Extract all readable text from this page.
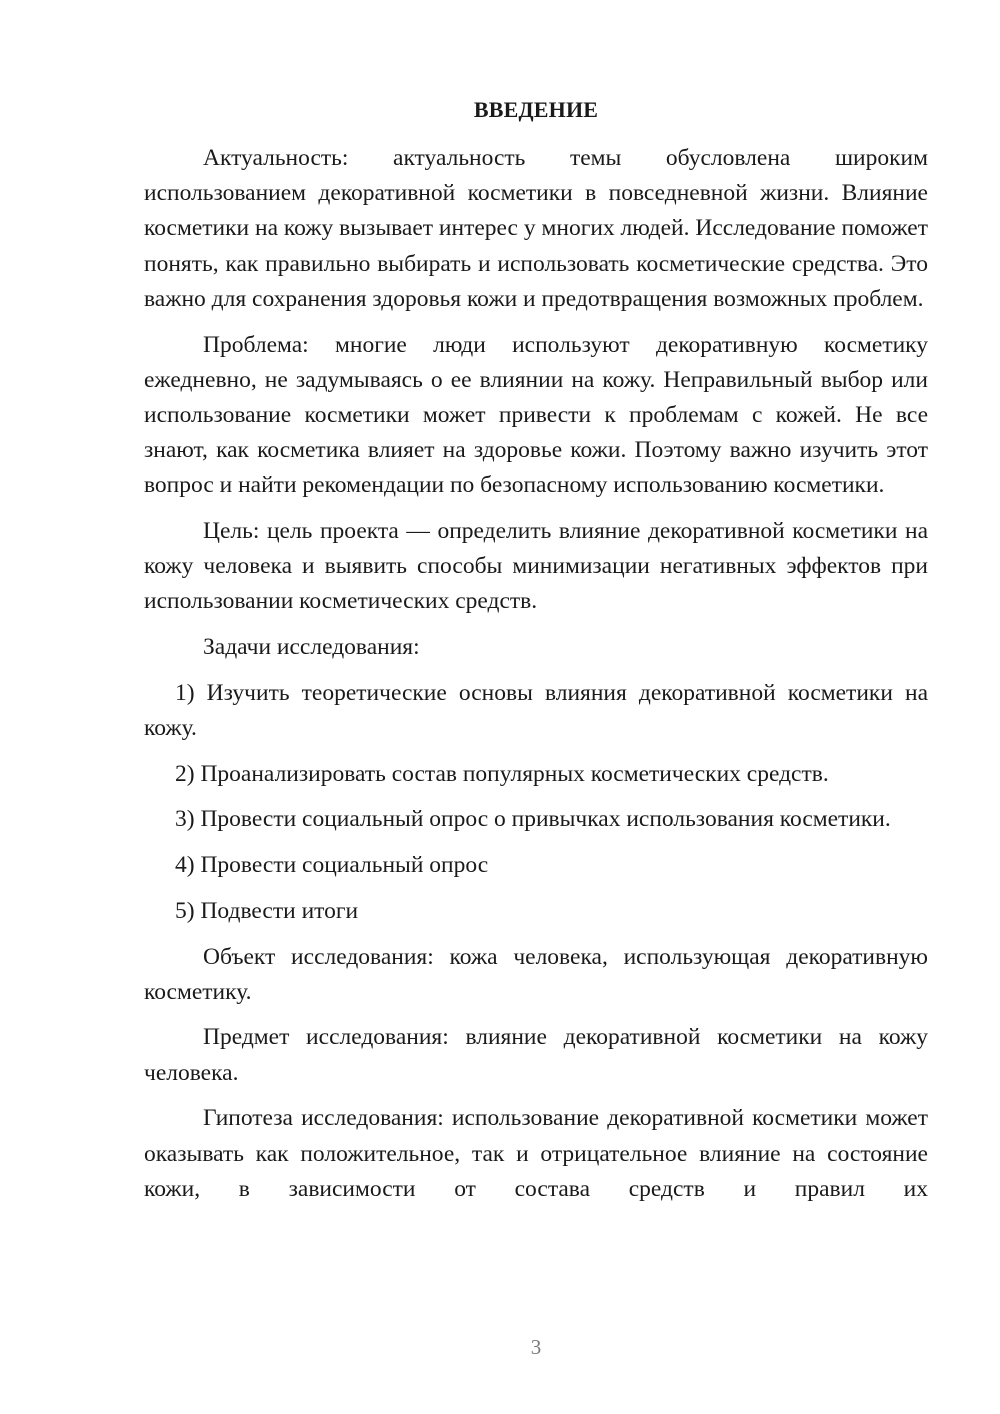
ВВЕДЕНИЕ

Актуальность: актуальность темы обусловлена широким использованием декоративной косметики в повседневной жизни. Влияние косметики на кожу вызывает интерес у многих людей. Исследование поможет понять, как правильно выбирать и использовать косметические средства. Это важно для сохранения здоровья кожи и предотвращения возможных проблем.

Проблема: многие люди используют декоративную косметику ежедневно, не задумываясь о ее влиянии на кожу. Неправильный выбор или использование косметики может привести к проблемам с кожей. Не все знают, как косметика влияет на здоровье кожи. Поэтому важно изучить этот вопрос и найти рекомендации по безопасному использованию косметики.

Цель: цель проекта — определить влияние декоративной косметики на кожу человека и выявить способы минимизации негативных эффектов при использовании косметических средств.

Задачи исследования:

1) Изучить теоретические основы влияния декоративной косметики на кожу.

2) Проанализировать состав популярных косметических средств.

3) Провести социальный опрос о привычках использования косметики.

4) Провести социальный опрос

5) Подвести итоги

Объект исследования: кожа человека, использующая декоративную косметику.

Предмет исследования: влияние декоративной косметики на кожу человека.

Гипотеза исследования: использование декоративной косметики может оказывать как положительное, так и отрицательное влияние на состояние кожи, в зависимости от состава средств и правил их

3
